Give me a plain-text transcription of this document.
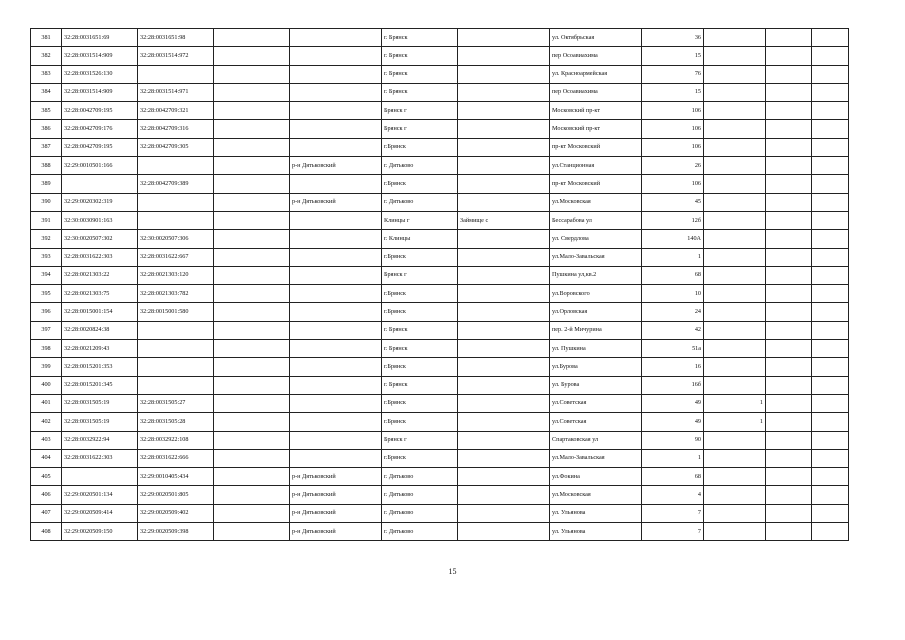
381	32:28:0031651:69	32:28:0031651:98			г. Брянск		ул. Октябрьская	36			
382	32:28:0031514:909	32:28:0031514:972			г. Брянск		пер Осоавиахима	15			
383	32:28:0031526:130				г. Брянск		ул. Красноармейская	76			
384	32:28:0031514:909	32:28:0031514:971			г. Брянск		пер Осоавиахима	15			
385	32:28:0042709:195	32:28:0042709:321			Брянск г		Московский пр-кт	106			
386	32:28:0042709:176	32:28:0042709:316			Брянск г		Московский пр-кт	106			
387	32:28:0042709:195	32:28:0042709:305			г.Брянск		пр-кт Московский	106			
388	32:29:0010501:166			р-н Дятьковский	г. Дятьково		ул.Станционная	26			
389		32:28:0042709:389			г.Брянск		пр-кт Московский	106			
390	32:29:0020302:319			р-н Дятьковский	г. Дятьково		ул.Московская	45			
391	32:30:0030901:163				Клинцы г	Займище с	Бессарабова ул	12б			
392	32:30:0020507:302	32:30:0020507:306			г. Клинцы		ул. Свердлова	140А			
393	32:28:0031622:303	32:28:0031622:667			г.Брянск		ул.Мало-Завальская	1			
394	32:28:0021303:22	32:28:0021303:120			Брянск г		Пушкина ул,кв.2	68			
395	32:28:0021303:75	32:28:0021303:782			г.Брянск		ул.Воровского	10			
396	32:28:0015001:154	32:28:0015001:580			г.Брянск		ул.Орловская	24			
397	32:28:0020824:38				г. Брянск		пер. 2-й Мичурина	42			
398	32:28:0021209:43				г. Брянск		ул. Пушкина	51а			
399	32:28:0015201:353				г.Брянск		ул.Бурова	16			
400	32:28:0015201:345				г. Брянск		ул. Бурова	16б			
401	32:28:0031505:19	32:28:0031505:27			г.Брянск		ул.Советская	49	1		
402	32:28:0031505:19	32:28:0031505:28			г.Брянск		ул.Советская	49	1		
403	32:28:0032922:94	32:28:0032922:108			Брянск г		Спартаковская ул	90			
404	32:28:0031622:303	32:28:0031622:666			г.Брянск		ул.Мало-Завальская	1			
405		32:29:0010405:434		р-н Дятьковский	г. Дятьково		ул.Фокина	68			
406	32:29:0020501:134	32:29:0020501:805		р-н Дятьковский	г. Дятьково		ул.Московская	4			
407	32:29:0020509:414	32:29:0020509:402		р-н Дятьковский	г. Дятьково		ул. Ульянова	7			
408	32:29:0020509:150	32:29:0020509:398		р-н Дятьковский	г. Дятьково		ул. Ульянова	7			
15
